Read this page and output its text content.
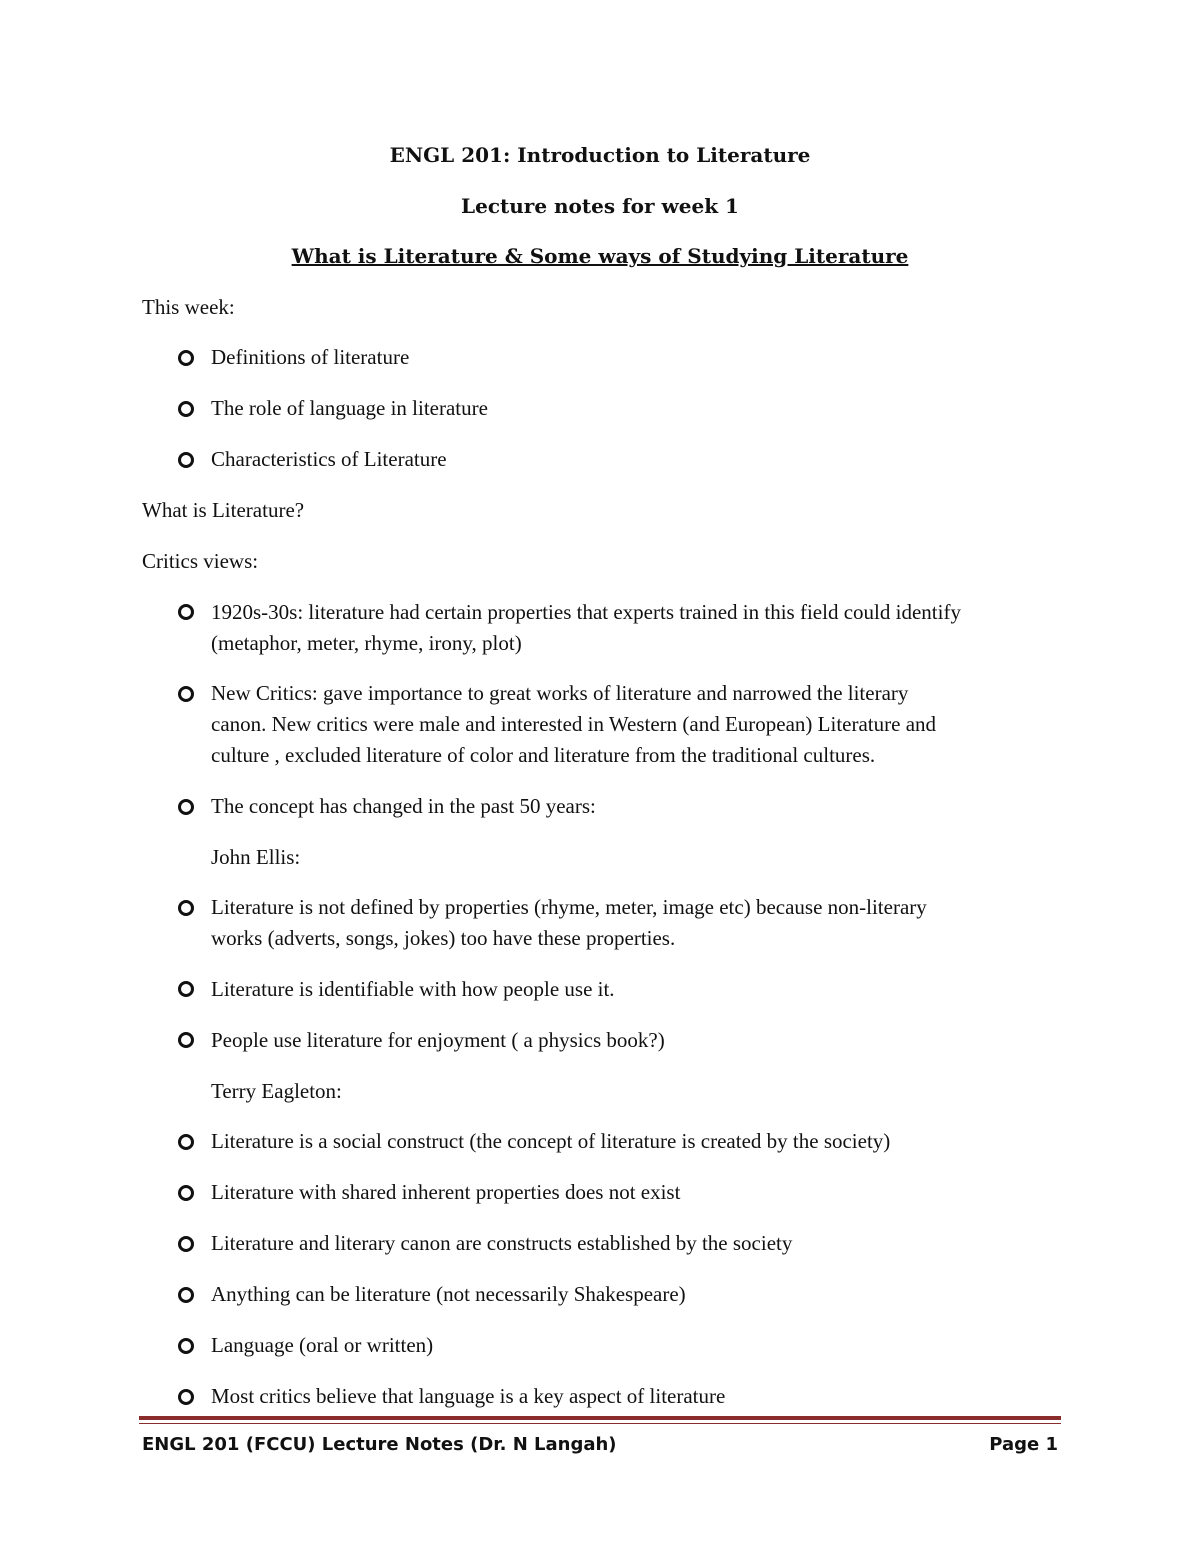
ENGL 201: Introduction to Literature
Lecture notes for week 1
What is Literature & Some ways of Studying Literature
This week:
Definitions of literature
The role of language in literature
Characteristics of Literature
What is Literature?
Critics views:
1920s-30s: literature had certain properties that experts trained in this field could identify
(metaphor, meter, rhyme, irony, plot)
New Critics: gave importance to great works of literature and narrowed the literary
canon. New critics were male and interested in Western (and European) Literature and
culture , excluded literature of color and literature from the traditional cultures.
The concept has changed in the past 50 years:
John Ellis:
Literature is not defined by properties (rhyme, meter, image etc) because non-literary
works (adverts, songs, jokes) too have these properties.
Literature is identifiable with how people use it.
People use literature for enjoyment ( a physics book?)
Terry Eagleton:
Literature is a social construct (the concept of literature is created by the society)
Literature with shared inherent properties does not exist
Literature and literary canon are constructs established by the society
Anything can be literature (not necessarily Shakespeare)
Language (oral or written)
Most critics believe that language is a key aspect of literature
ENGL 201 (FCCU) Lecture Notes (Dr. N Langah)	Page 1
